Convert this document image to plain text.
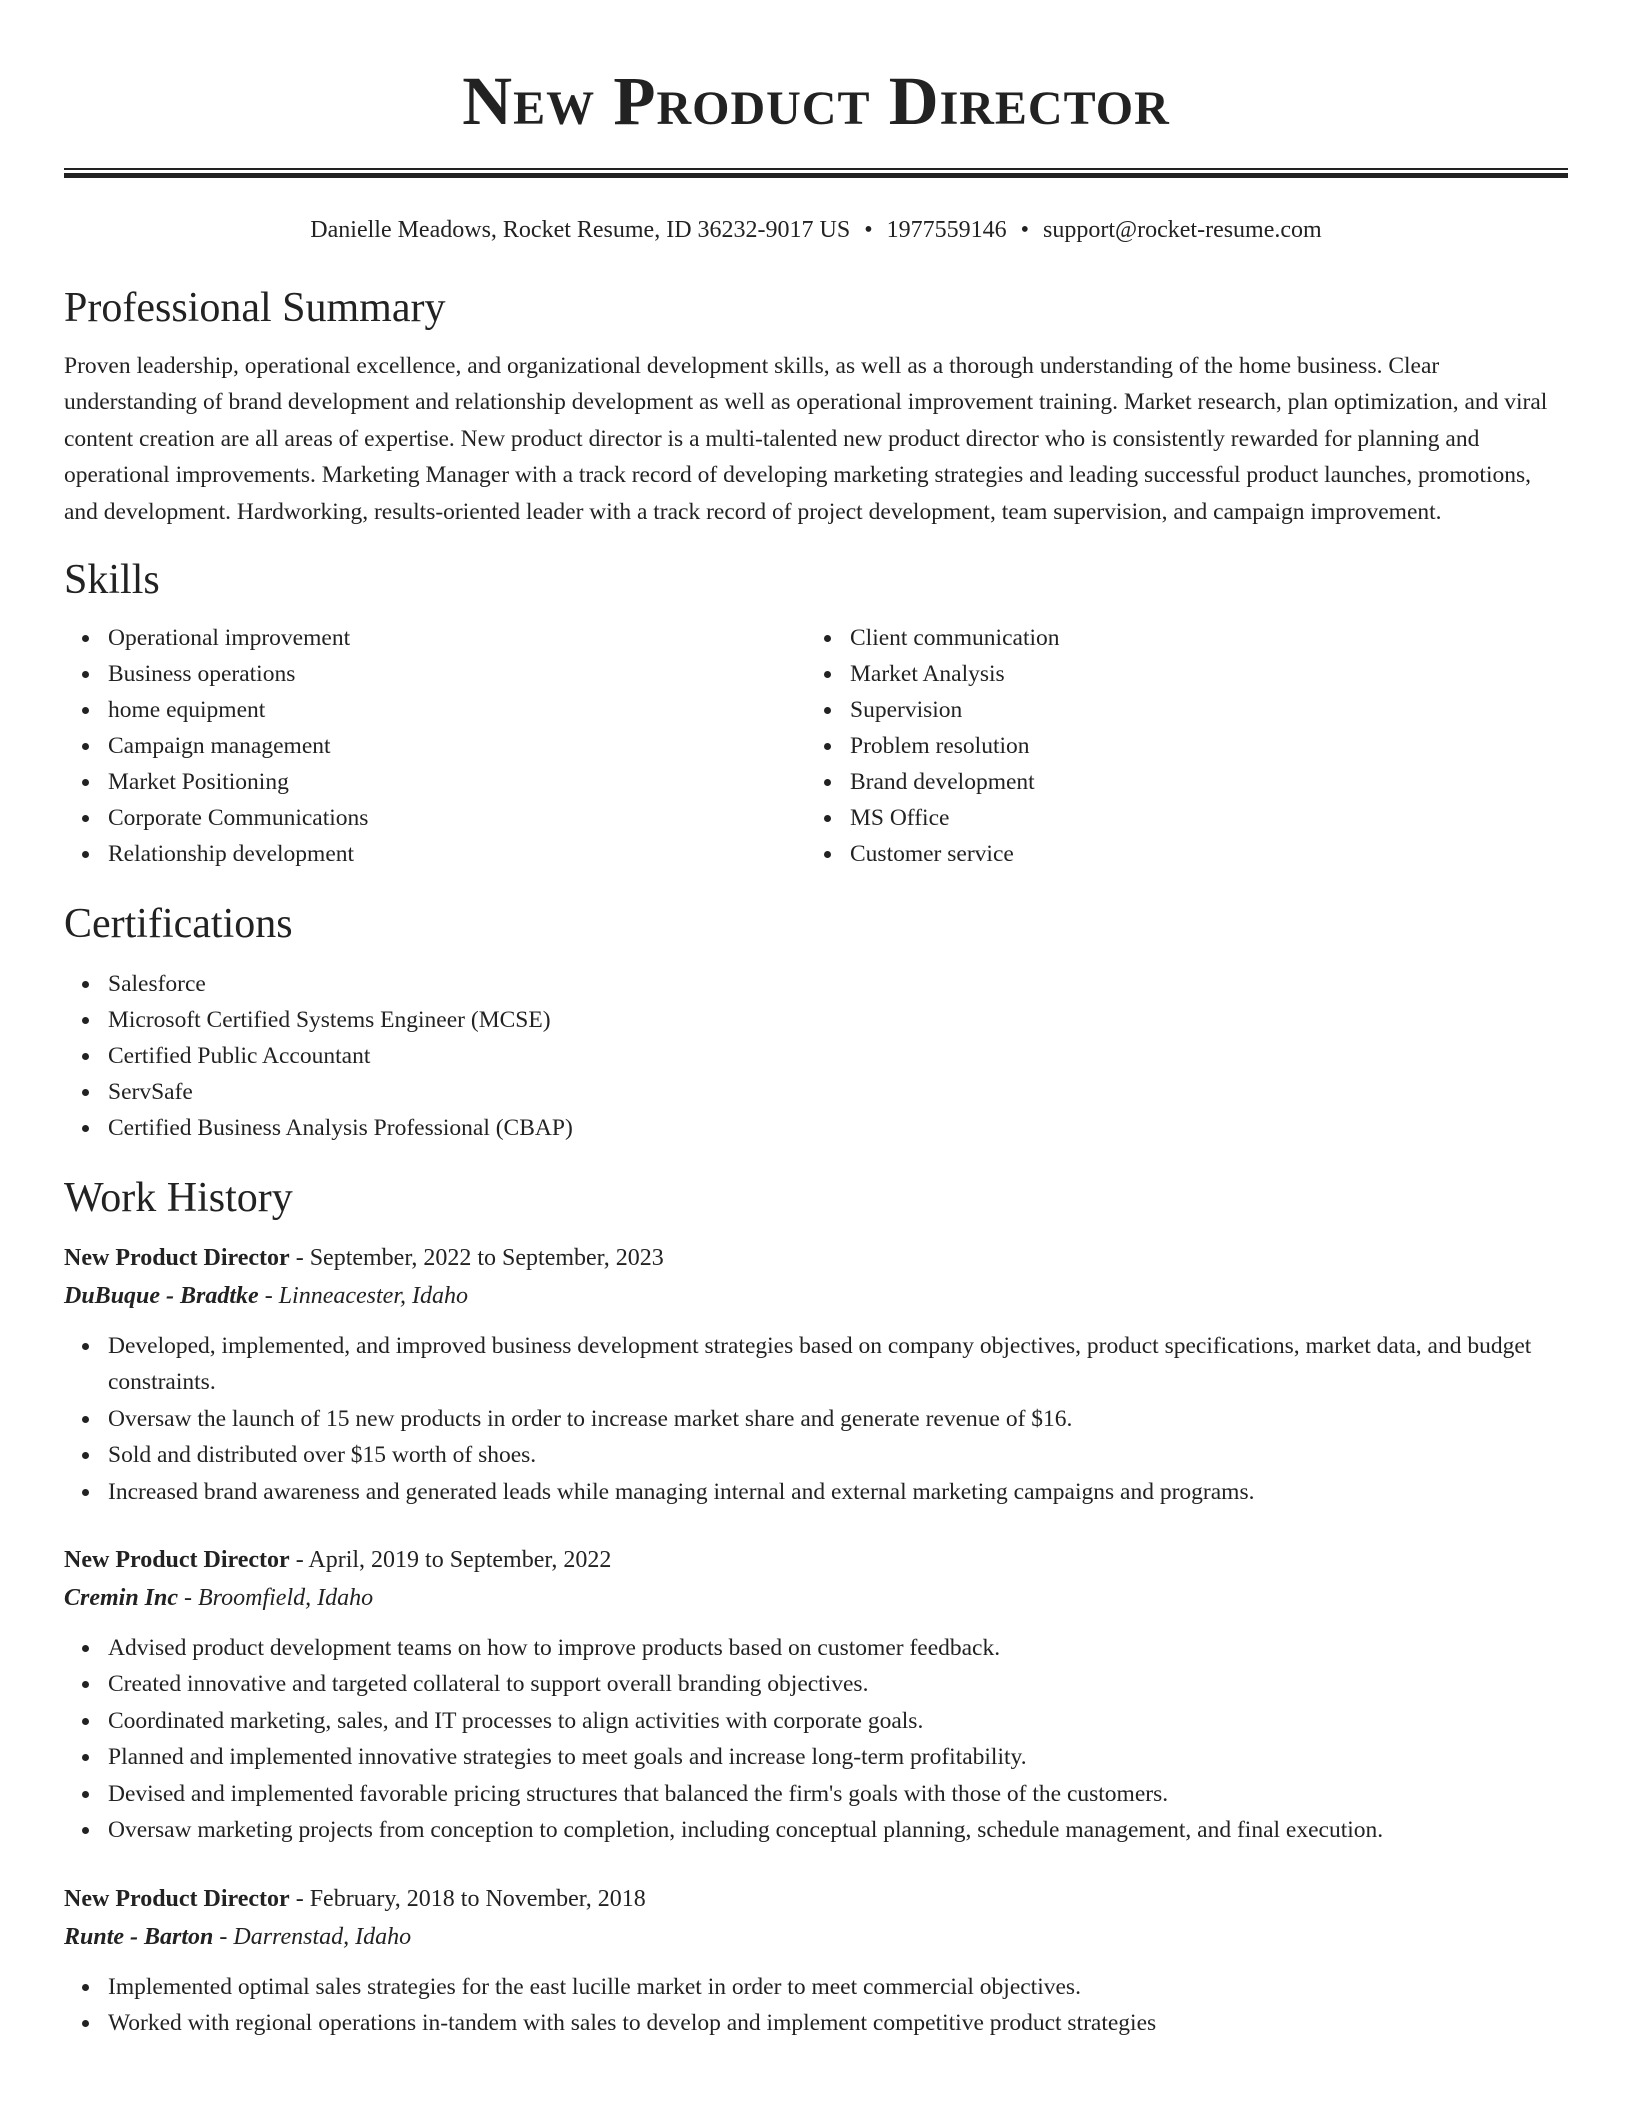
New Product Director
Danielle Meadows, Rocket Resume, ID 36232-9017 US • 1977559146 • support@rocket-resume.com
Professional Summary

Proven leadership, operational excellence, and organizational development skills, as well as a thorough understanding of the home business. Clear understanding of brand development and relationship development as well as operational improvement training. Market research, plan optimization, and viral content creation are all areas of expertise. New product director is a multi-talented new product director who is consistently rewarded for planning and operational improvements. Marketing Manager with a track record of developing marketing strategies and leading successful product launches, promotions, and development. Hardworking, results-oriented leader with a track record of project development, team supervision, and campaign improvement.

Skills
Operational improvement
Business operations
home equipment
Campaign management
Market Positioning
Corporate Communications
Relationship development
Client communication
Market Analysis
Supervision
Problem resolution
Brand development
MS Office
Customer service
Certifications
Salesforce
Microsoft Certified Systems Engineer (MCSE)
Certified Public Accountant
ServSafe
Certified Business Analysis Professional (CBAP)
Work History
New Product Director - September, 2022 to September, 2023
DuBuque - Bradtke - Linneacester, Idaho
Developed, implemented, and improved business development strategies based on company objectives, product specifications, market data, and budget constraints.
Oversaw the launch of 15 new products in order to increase market share and generate revenue of $16.
Sold and distributed over $15 worth of shoes.
Increased brand awareness and generated leads while managing internal and external marketing campaigns and programs.
New Product Director - April, 2019 to September, 2022
Cremin Inc - Broomfield, Idaho
Advised product development teams on how to improve products based on customer feedback.
Created innovative and targeted collateral to support overall branding objectives.
Coordinated marketing, sales, and IT processes to align activities with corporate goals.
Planned and implemented innovative strategies to meet goals and increase long-term profitability.
Devised and implemented favorable pricing structures that balanced the firm's goals with those of the customers.
Oversaw marketing projects from conception to completion, including conceptual planning, schedule management, and final execution.
New Product Director - February, 2018 to November, 2018
Runte - Barton - Darrenstad, Idaho
Implemented optimal sales strategies for the east lucille market in order to meet commercial objectives.
Worked with regional operations in-tandem with sales to develop and implement competitive product strategies
